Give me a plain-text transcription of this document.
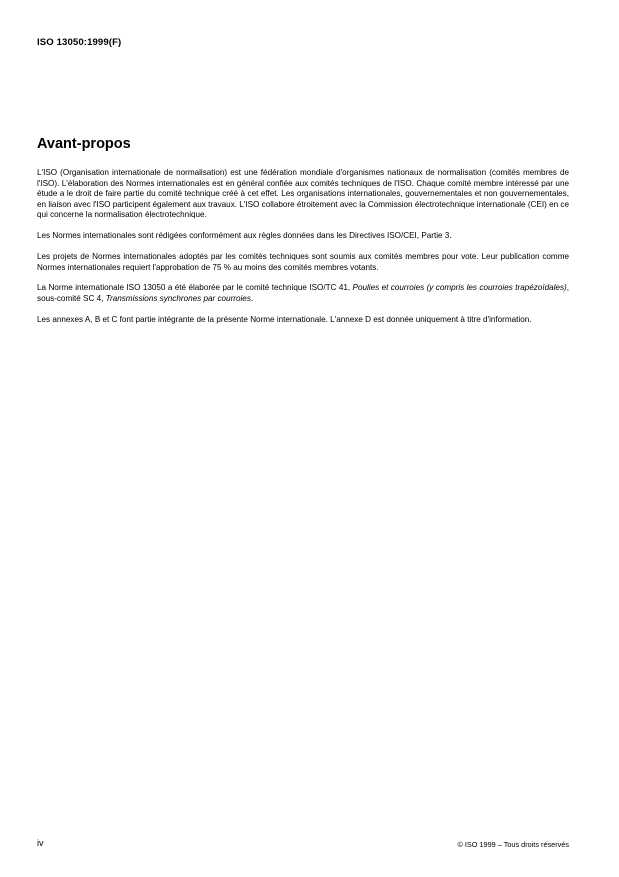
ISO 13050:1999(F)
Avant-propos

L'ISO (Organisation internationale de normalisation) est une fédération mondiale d'organismes nationaux de normalisation (comités membres de l'ISO). L'élaboration des Normes internationales est en général confiée aux comités techniques de l'ISO. Chaque comité membre intéressé par une étude a le droit de faire partie du comité technique créé à cet effet. Les organisations internationales, gouvernementales et non gouvernementales, en liaison avec l'ISO participent également aux travaux. L'ISO collabore étroitement avec la Commission électrotechnique internationale (CEI) en ce qui concerne la normalisation électrotechnique.

Les Normes internationales sont rédigées conformément aux règles données dans les Directives ISO/CEI, Partie 3.

Les projets de Normes internationales adoptés par les comités techniques sont soumis aux comités membres pour vote. Leur publication comme Normes internationales requiert l'approbation de 75 % au moins des comités membres votants.

La Norme internationale ISO 13050 a été élaborée par le comité technique ISO/TC 41, Poulies et courroies (y compris les courroies trapézoïdales), sous-comité SC 4, Transmissions synchrones par courroies.

Les annexes A, B et C font partie intégrante de la présente Norme internationale. L'annexe D est donnée uniquement à titre d'information.

iv	© ISO 1999 – Tous droits réservés
